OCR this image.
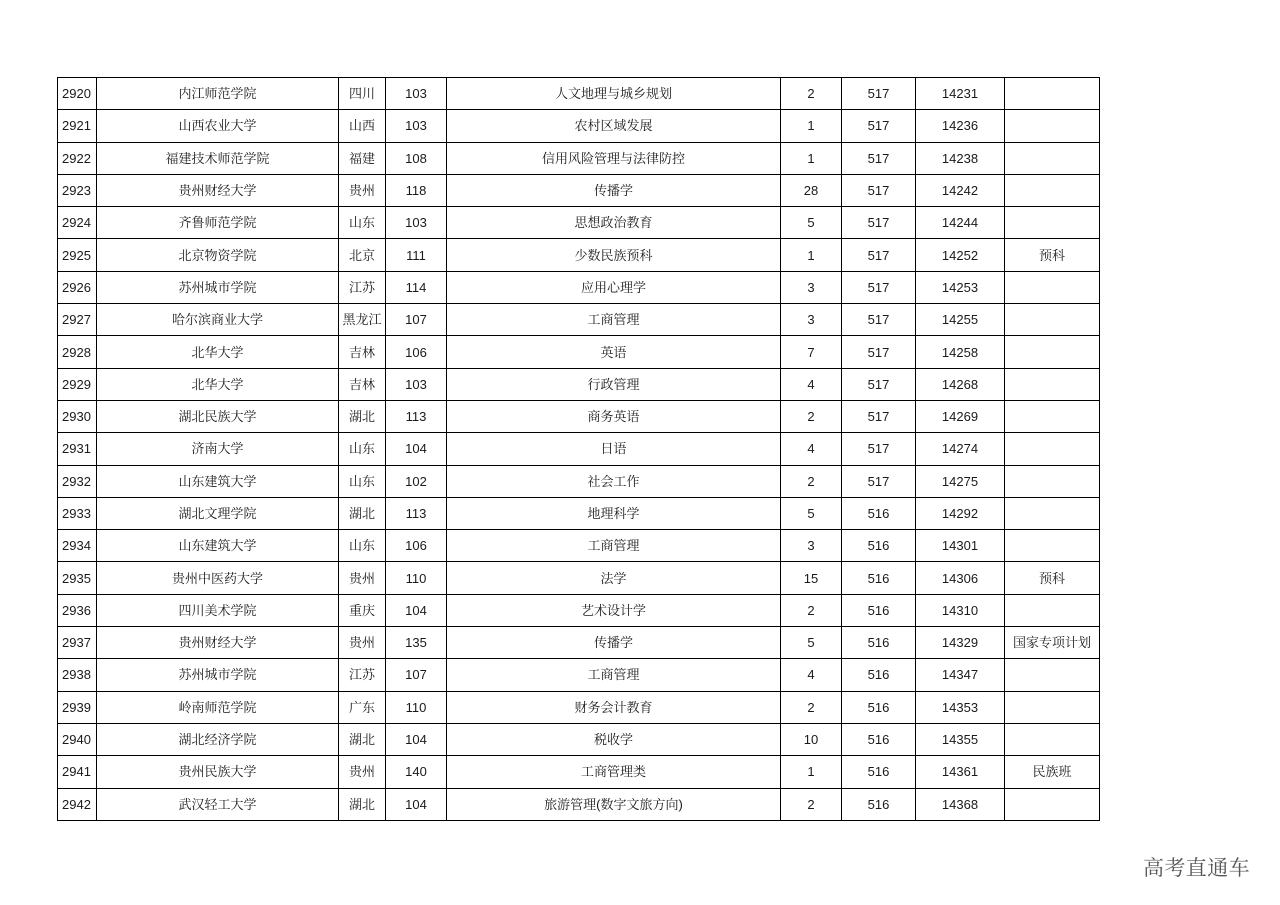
2920	内江师范学院	四川	103	人文地理与城乡规划	2	517	14231	
2921	山西农业大学	山西	103	农村区域发展	1	517	14236	
2922	福建技术师范学院	福建	108	信用风险管理与法律防控	1	517	14238	
2923	贵州财经大学	贵州	118	传播学	28	517	14242	
2924	齐鲁师范学院	山东	103	思想政治教育	5	517	14244	
2925	北京物资学院	北京	111	少数民族预科	1	517	14252	预科
2926	苏州城市学院	江苏	114	应用心理学	3	517	14253	
2927	哈尔滨商业大学	黑龙江	107	工商管理	3	517	14255	
2928	北华大学	吉林	106	英语	7	517	14258	
2929	北华大学	吉林	103	行政管理	4	517	14268	
2930	湖北民族大学	湖北	113	商务英语	2	517	14269	
2931	济南大学	山东	104	日语	4	517	14274	
2932	山东建筑大学	山东	102	社会工作	2	517	14275	
2933	湖北文理学院	湖北	113	地理科学	5	516	14292	
2934	山东建筑大学	山东	106	工商管理	3	516	14301	
2935	贵州中医药大学	贵州	110	法学	15	516	14306	预科
2936	四川美术学院	重庆	104	艺术设计学	2	516	14310	
2937	贵州财经大学	贵州	135	传播学	5	516	14329	国家专项计划
2938	苏州城市学院	江苏	107	工商管理	4	516	14347	
2939	岭南师范学院	广东	110	财务会计教育	2	516	14353	
2940	湖北经济学院	湖北	104	税收学	10	516	14355	
2941	贵州民族大学	贵州	140	工商管理类	1	516	14361	民族班
2942	武汉轻工大学	湖北	104	旅游管理(数字文旅方向)	2	516	14368	
高考直通车
